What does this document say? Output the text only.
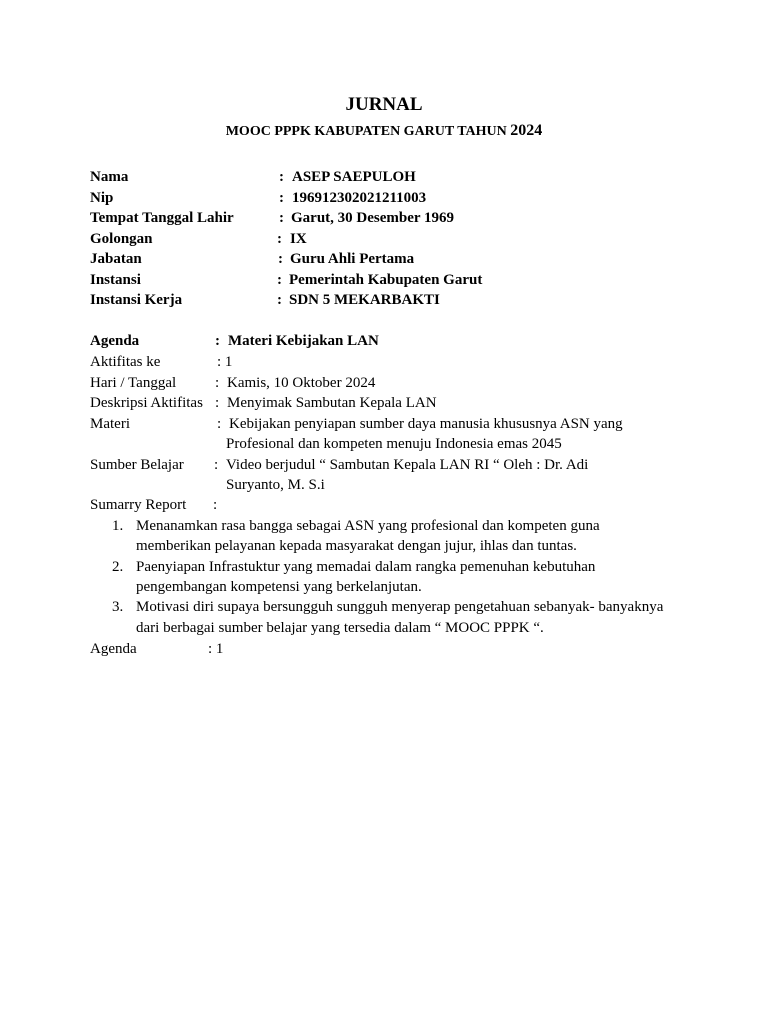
JURNAL
MOOC PPPK KABUPATEN GARUT TAHUN 2024
Nama	: ASEP SAEPULOH
Nip	: 196912302021211003
Tempat Tanggal Lahir	: Garut, 30 Desember 1969
Golongan	: IX
Jabatan	: Guru Ahli Pertama
Instansi	: Pemerintah Kabupaten Garut
Instansi Kerja	: SDN 5 MEKARBAKTI
Agenda	: Materi Kebijakan LAN
Aktifitas ke	: 1
Hari / Tanggal	: Kamis, 10 Oktober 2024
Deskripsi Aktifitas : Menyimak Sambutan Kepala LAN
Materi	: Kebijakan penyiapan sumber daya manusia khususnya ASN yang
Profesional dan kompeten menuju Indonesia emas 2045
Sumber Belajar : Video berjudul “ Sambutan Kepala LAN RI “ Oleh : Dr. Adi
Suryanto, M. S.i
Sumarry Report :
1. Menanamkan rasa bangga sebagai ASN yang profesional dan kompeten guna
memberikan pelayanan kepada masyarakat dengan jujur, ihlas dan tuntas.
2. Paenyiapan Infrastuktur yang memadai dalam rangka pemenuhan kebutuhan
pengembangan kompetensi yang berkelanjutan.
3. Motivasi diri supaya bersungguh sungguh menyerap pengetahuan sebanyak- banyaknya
dari berbagai sumber belajar yang tersedia dalam “ MOOC PPPK “.
Agenda	: 1
